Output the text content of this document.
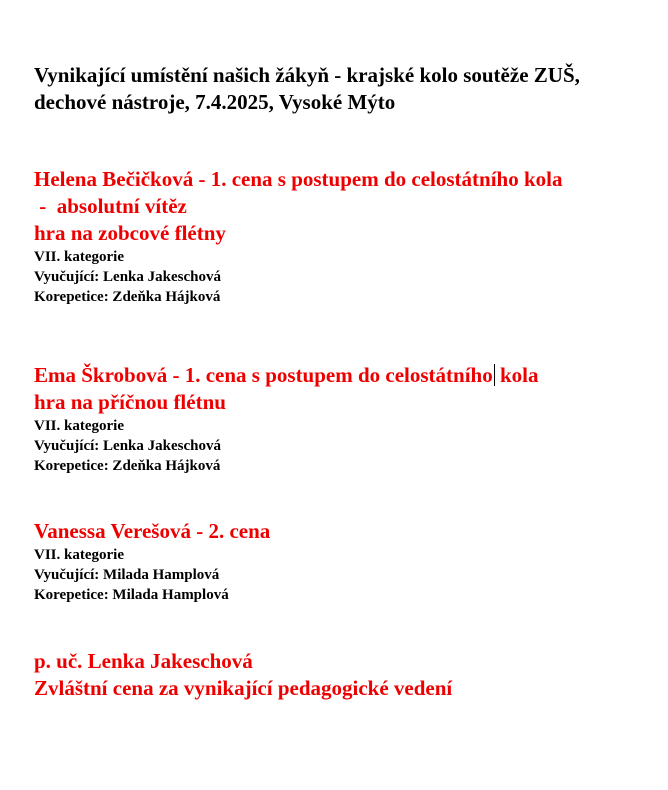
Vynikající umístění našich žákyň - krajské kolo soutěže ZUŠ,
dechové nástroje, 7.4.2025, Vysoké Mýto
Helena Bečičková - 1. cena s postupem do celostátního kola
-  absolutní vítěz
hra na zobcové flétny
VII. kategorie
Vyučující: Lenka Jakeschová
Korepetice: Zdeňka Hájková
Ema Škrobová - 1. cena s postupem do celostátního kola
hra na příčnou flétnu
VII. kategorie
Vyučující: Lenka Jakeschová
Korepetice: Zdeňka Hájková
Vanessa Verešová - 2. cena
VII. kategorie
Vyučující: Milada Hamplová
Korepetice: Milada Hamplová
p. uč. Lenka Jakeschová
Zvláštní cena za vynikající pedagogické vedení
